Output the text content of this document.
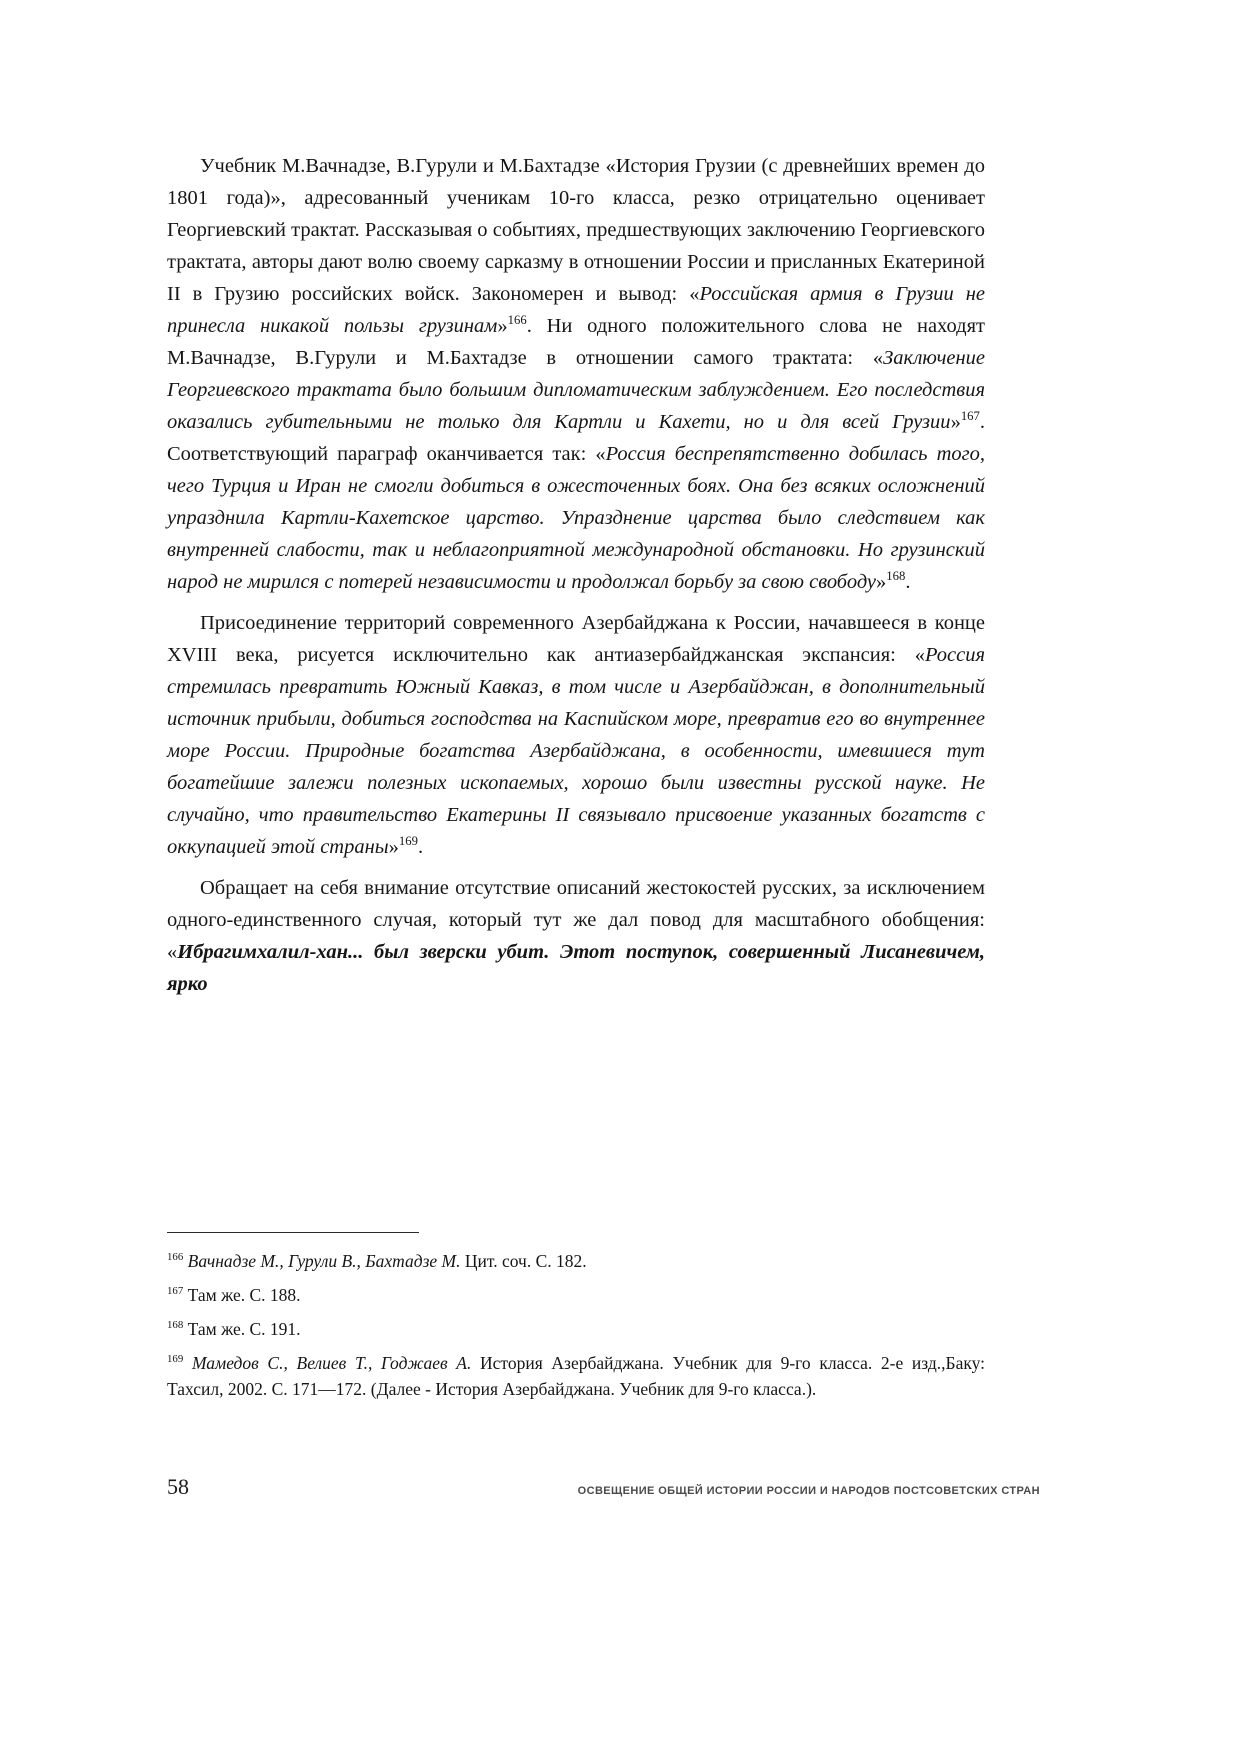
Учебник М.Вачнадзе, В.Гурули и М.Бахтадзе «История Грузии (с древнейших времен до 1801 года)», адресованный ученикам 10-го класса, резко отрицательно оценивает Георгиевский трактат. Рассказывая о событиях, предшествующих заключению Георгиевского трактата, авторы дают волю своему сарказму в отношении России и присланных Екатериной II в Грузию российских войск. Закономерен и вывод: «Российская армия в Грузии не принесла никакой пользы грузинам»$^{166}$. Ни одного положительного слова не находят М.Вачнадзе, В.Гурули и М.Бахтадзе в отношении самого трактата: «Заключение Георгиевского трактата было большим дипломатическим заблуждением. Его последствия оказались губительными не только для Картли и Кахети, но и для всей Грузии»$^{167}$. Соответствующий параграф оканчивается так: «Россия беспрепятственно добилась того, чего Турция и Иран не смогли добиться в ожесточенных боях. Она без всяких осложнений упразднила Картли-Кахетское царство. Упразднение царства было следствием как внутренней слабости, так и неблагоприятной международной обстановки. Но грузинский народ не мирился с потерей независимости и продолжал борьбу за свою свободу»$^{168}$.

Присоединение территорий современного Азербайджана к России, начавшееся в конце XVIII века, рисуется исключительно как антиазербайджанская экспансия: «Россия стремилась превратить Южный Кавказ, в том числе и Азербайджан, в дополнительный источник прибыли, добиться господства на Каспийском море, превратив его во внутреннее море России. Природные богатства Азербайджана, в особенности, имевшиеся тут богатейшие залежи полезных ископаемых, хорошо были известны русской науке. Не случайно, что правительство Екатерины II связывало присвоение указанных богатств с оккупацией этой страны»$^{169}$.

Обращает на себя внимание отсутствие описаний жестокостей русских, за исключением одного-единственного случая, который тут же дал повод для масштабного обобщения: «Ибрагимхалил-хан... был зверски убит. Этот поступок, совершенный Лисаневичем, ярко

$^{166}$ Вачнадзе М., Гурули В., Бахтадзе М. Цит. соч. С. 182.

$^{167}$ Там же. С. 188.

$^{168}$ Там же. С. 191.

$^{169}$ Мамедов С., Велиев Т., Годжаев А. История Азербайджана. Учебник для 9-го класса. 2-е изд.,Баку: Тахсил, 2002. С. 171—172. (Далее - История Азербайджана. Учебник для 9-го класса.).

58	ОСВЕЩЕНИЕ ОБЩЕЙ ИСТОРИИ РОССИИ И НАРОДОВ ПОСТСОВЕТСКИХ СТРАН
